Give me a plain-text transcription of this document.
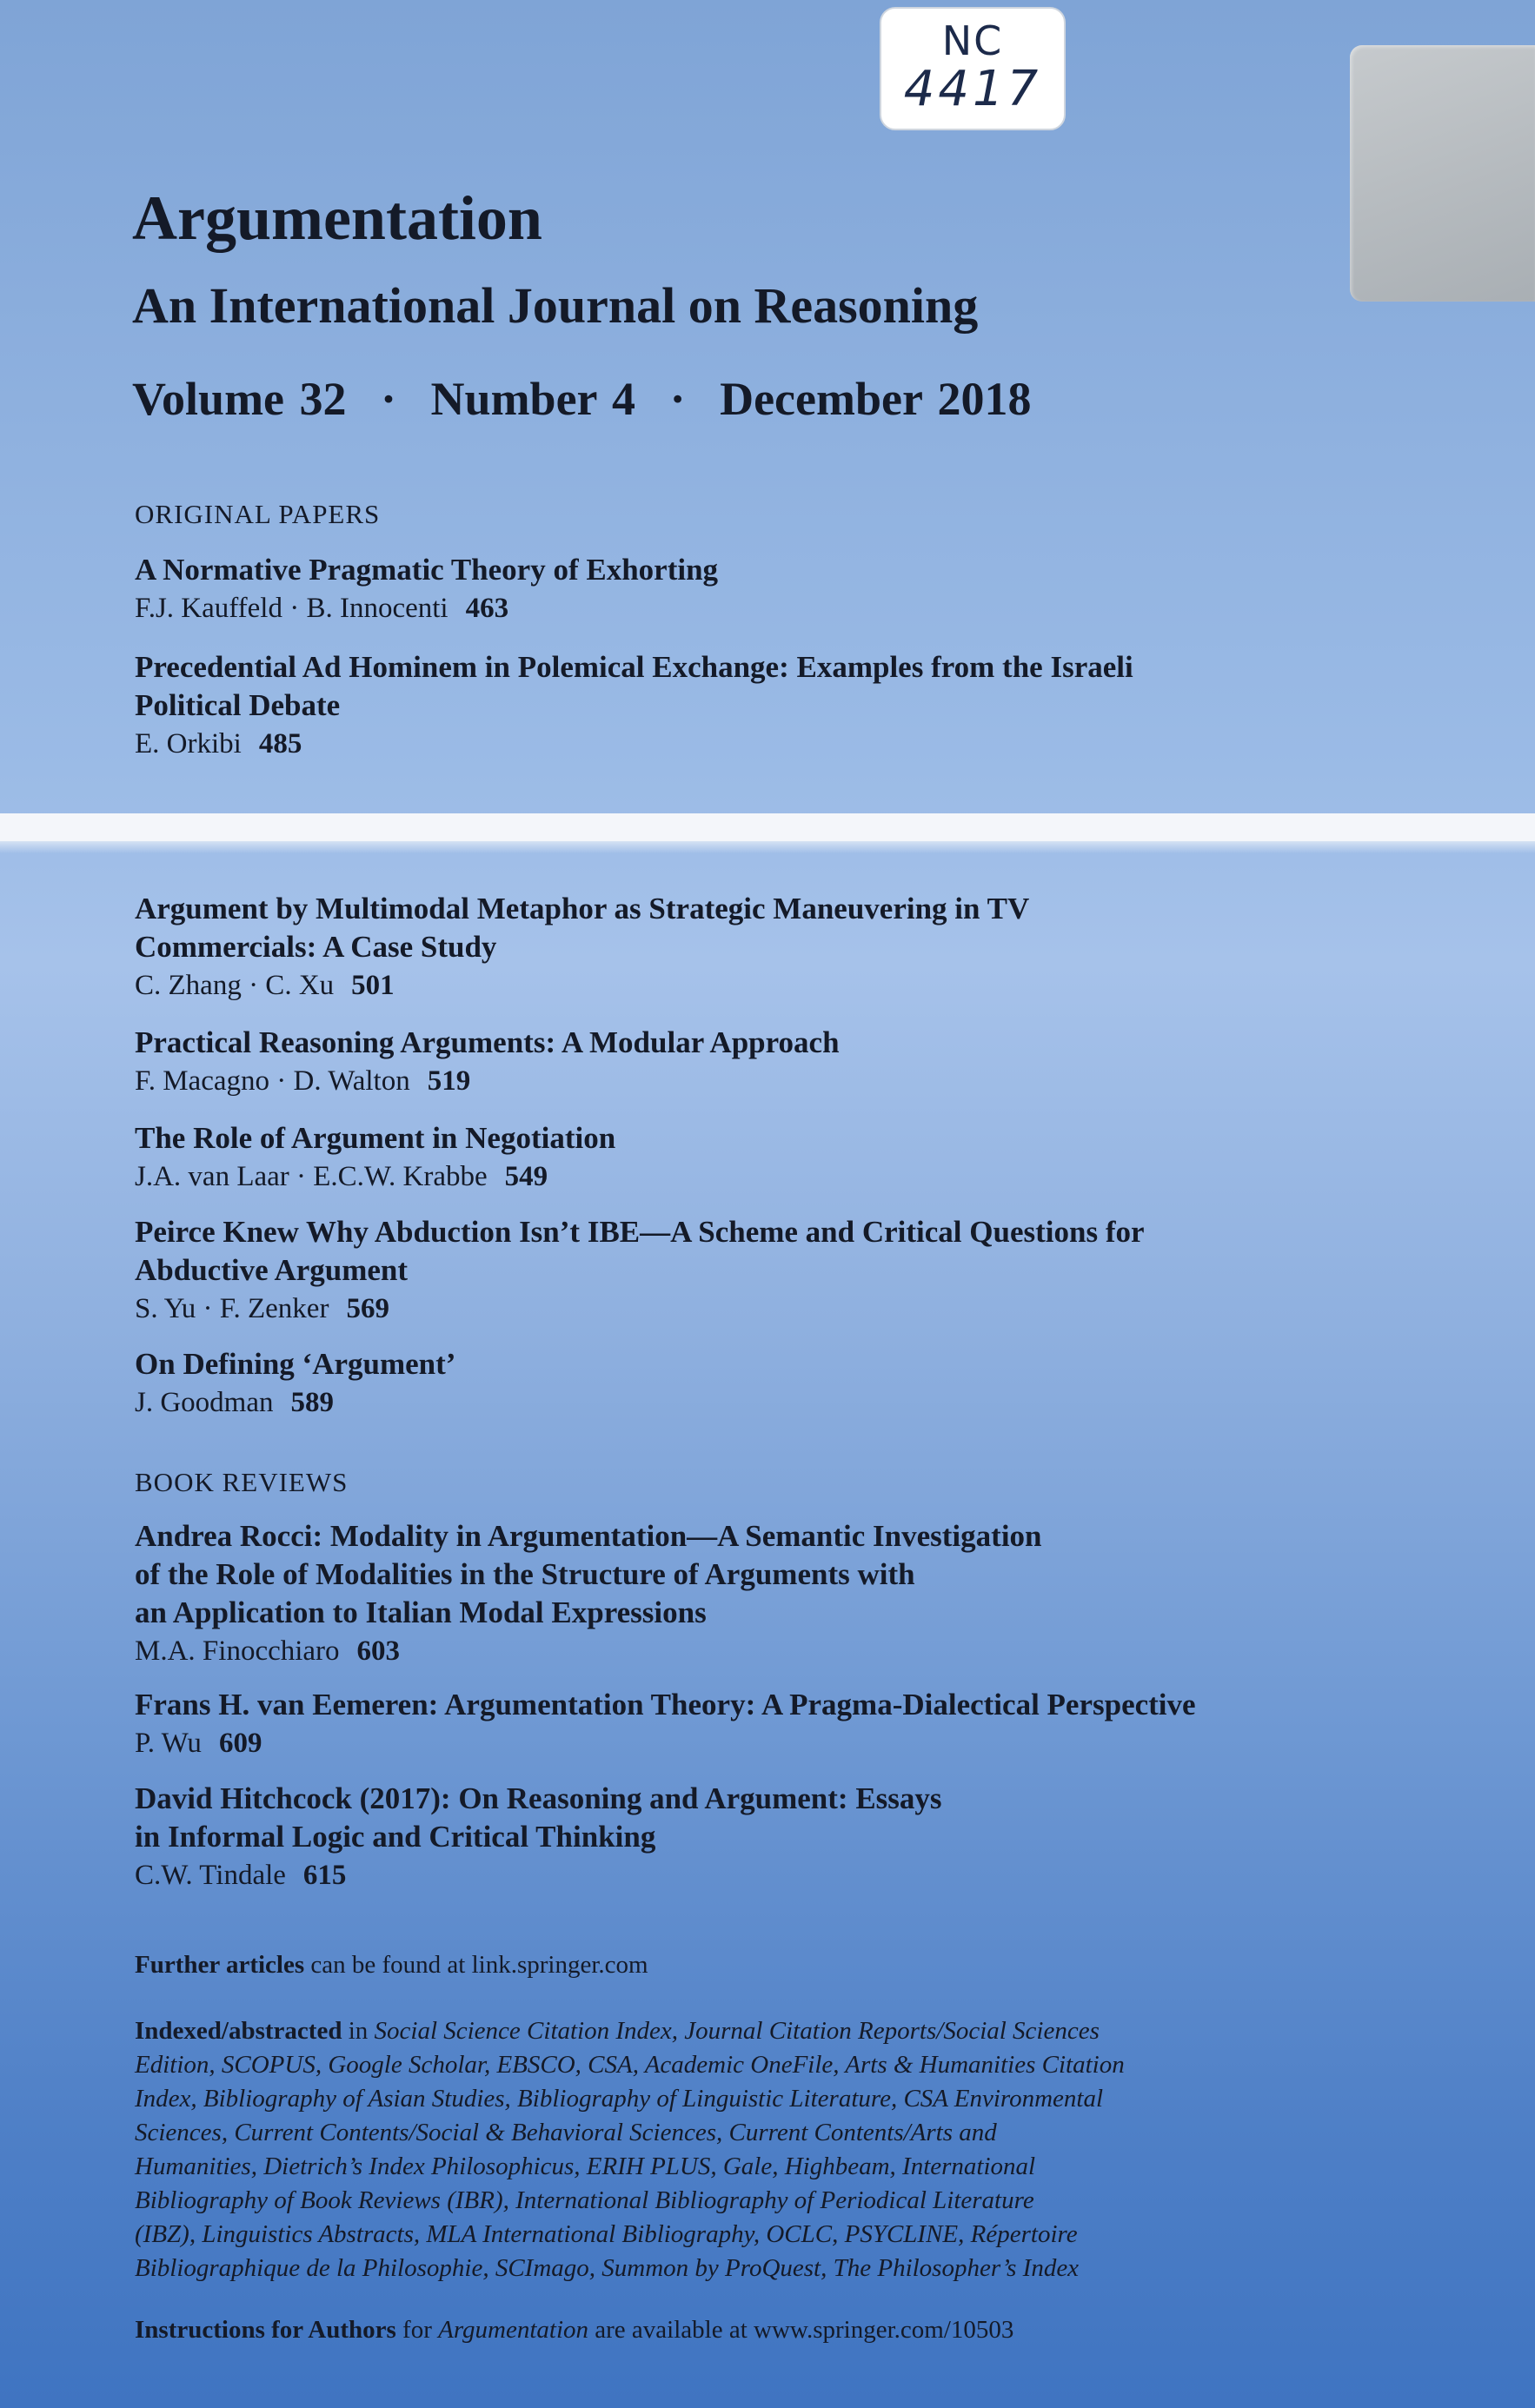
NC
4417
Argumentation
An International Journal on Reasoning
Volume 32 · Number 4 · December 2018
ORIGINAL PAPERS
A Normative Pragmatic Theory of Exhorting
F.J. Kauffeld · B. Innocenti 463
Precedential Ad Hominem in Polemical Exchange: Examples from the Israeli
Political Debate
E. Orkibi 485
Argument by Multimodal Metaphor as Strategic Maneuvering in TV
Commercials: A Case Study
C. Zhang · C. Xu 501
Practical Reasoning Arguments: A Modular Approach
F. Macagno · D. Walton 519
The Role of Argument in Negotiation
J.A. van Laar · E.C.W. Krabbe 549
Peirce Knew Why Abduction Isn’t IBE—A Scheme and Critical Questions for
Abductive Argument
S. Yu · F. Zenker 569
On Defining ‘Argument’
J. Goodman 589
BOOK REVIEWS
Andrea Rocci: Modality in Argumentation—A Semantic Investigation
of the Role of Modalities in the Structure of Arguments with
an Application to Italian Modal Expressions
M.A. Finocchiaro 603
Frans H. van Eemeren: Argumentation Theory: A Pragma-Dialectical Perspective
P. Wu 609
David Hitchcock (2017): On Reasoning and Argument: Essays
in Informal Logic and Critical Thinking
C.W. Tindale 615
Further articles can be found at link.springer.com
Indexed/abstracted in Social Science Citation Index, Journal Citation Reports/Social Sciences
Edition, SCOPUS, Google Scholar, EBSCO, CSA, Academic OneFile, Arts & Humanities Citation
Index, Bibliography of Asian Studies, Bibliography of Linguistic Literature, CSA Environmental
Sciences, Current Contents/Social & Behavioral Sciences, Current Contents/Arts and
Humanities, Dietrich’s Index Philosophicus, ERIH PLUS, Gale, Highbeam, International
Bibliography of Book Reviews (IBR), International Bibliography of Periodical Literature
(IBZ), Linguistics Abstracts, MLA International Bibliography, OCLC, PSYCLINE, Répertoire
Bibliographique de la Philosophie, SCImago, Summon by ProQuest, The Philosopher’s Index
Instructions for Authors for Argumentation are available at www.springer.com/10503
